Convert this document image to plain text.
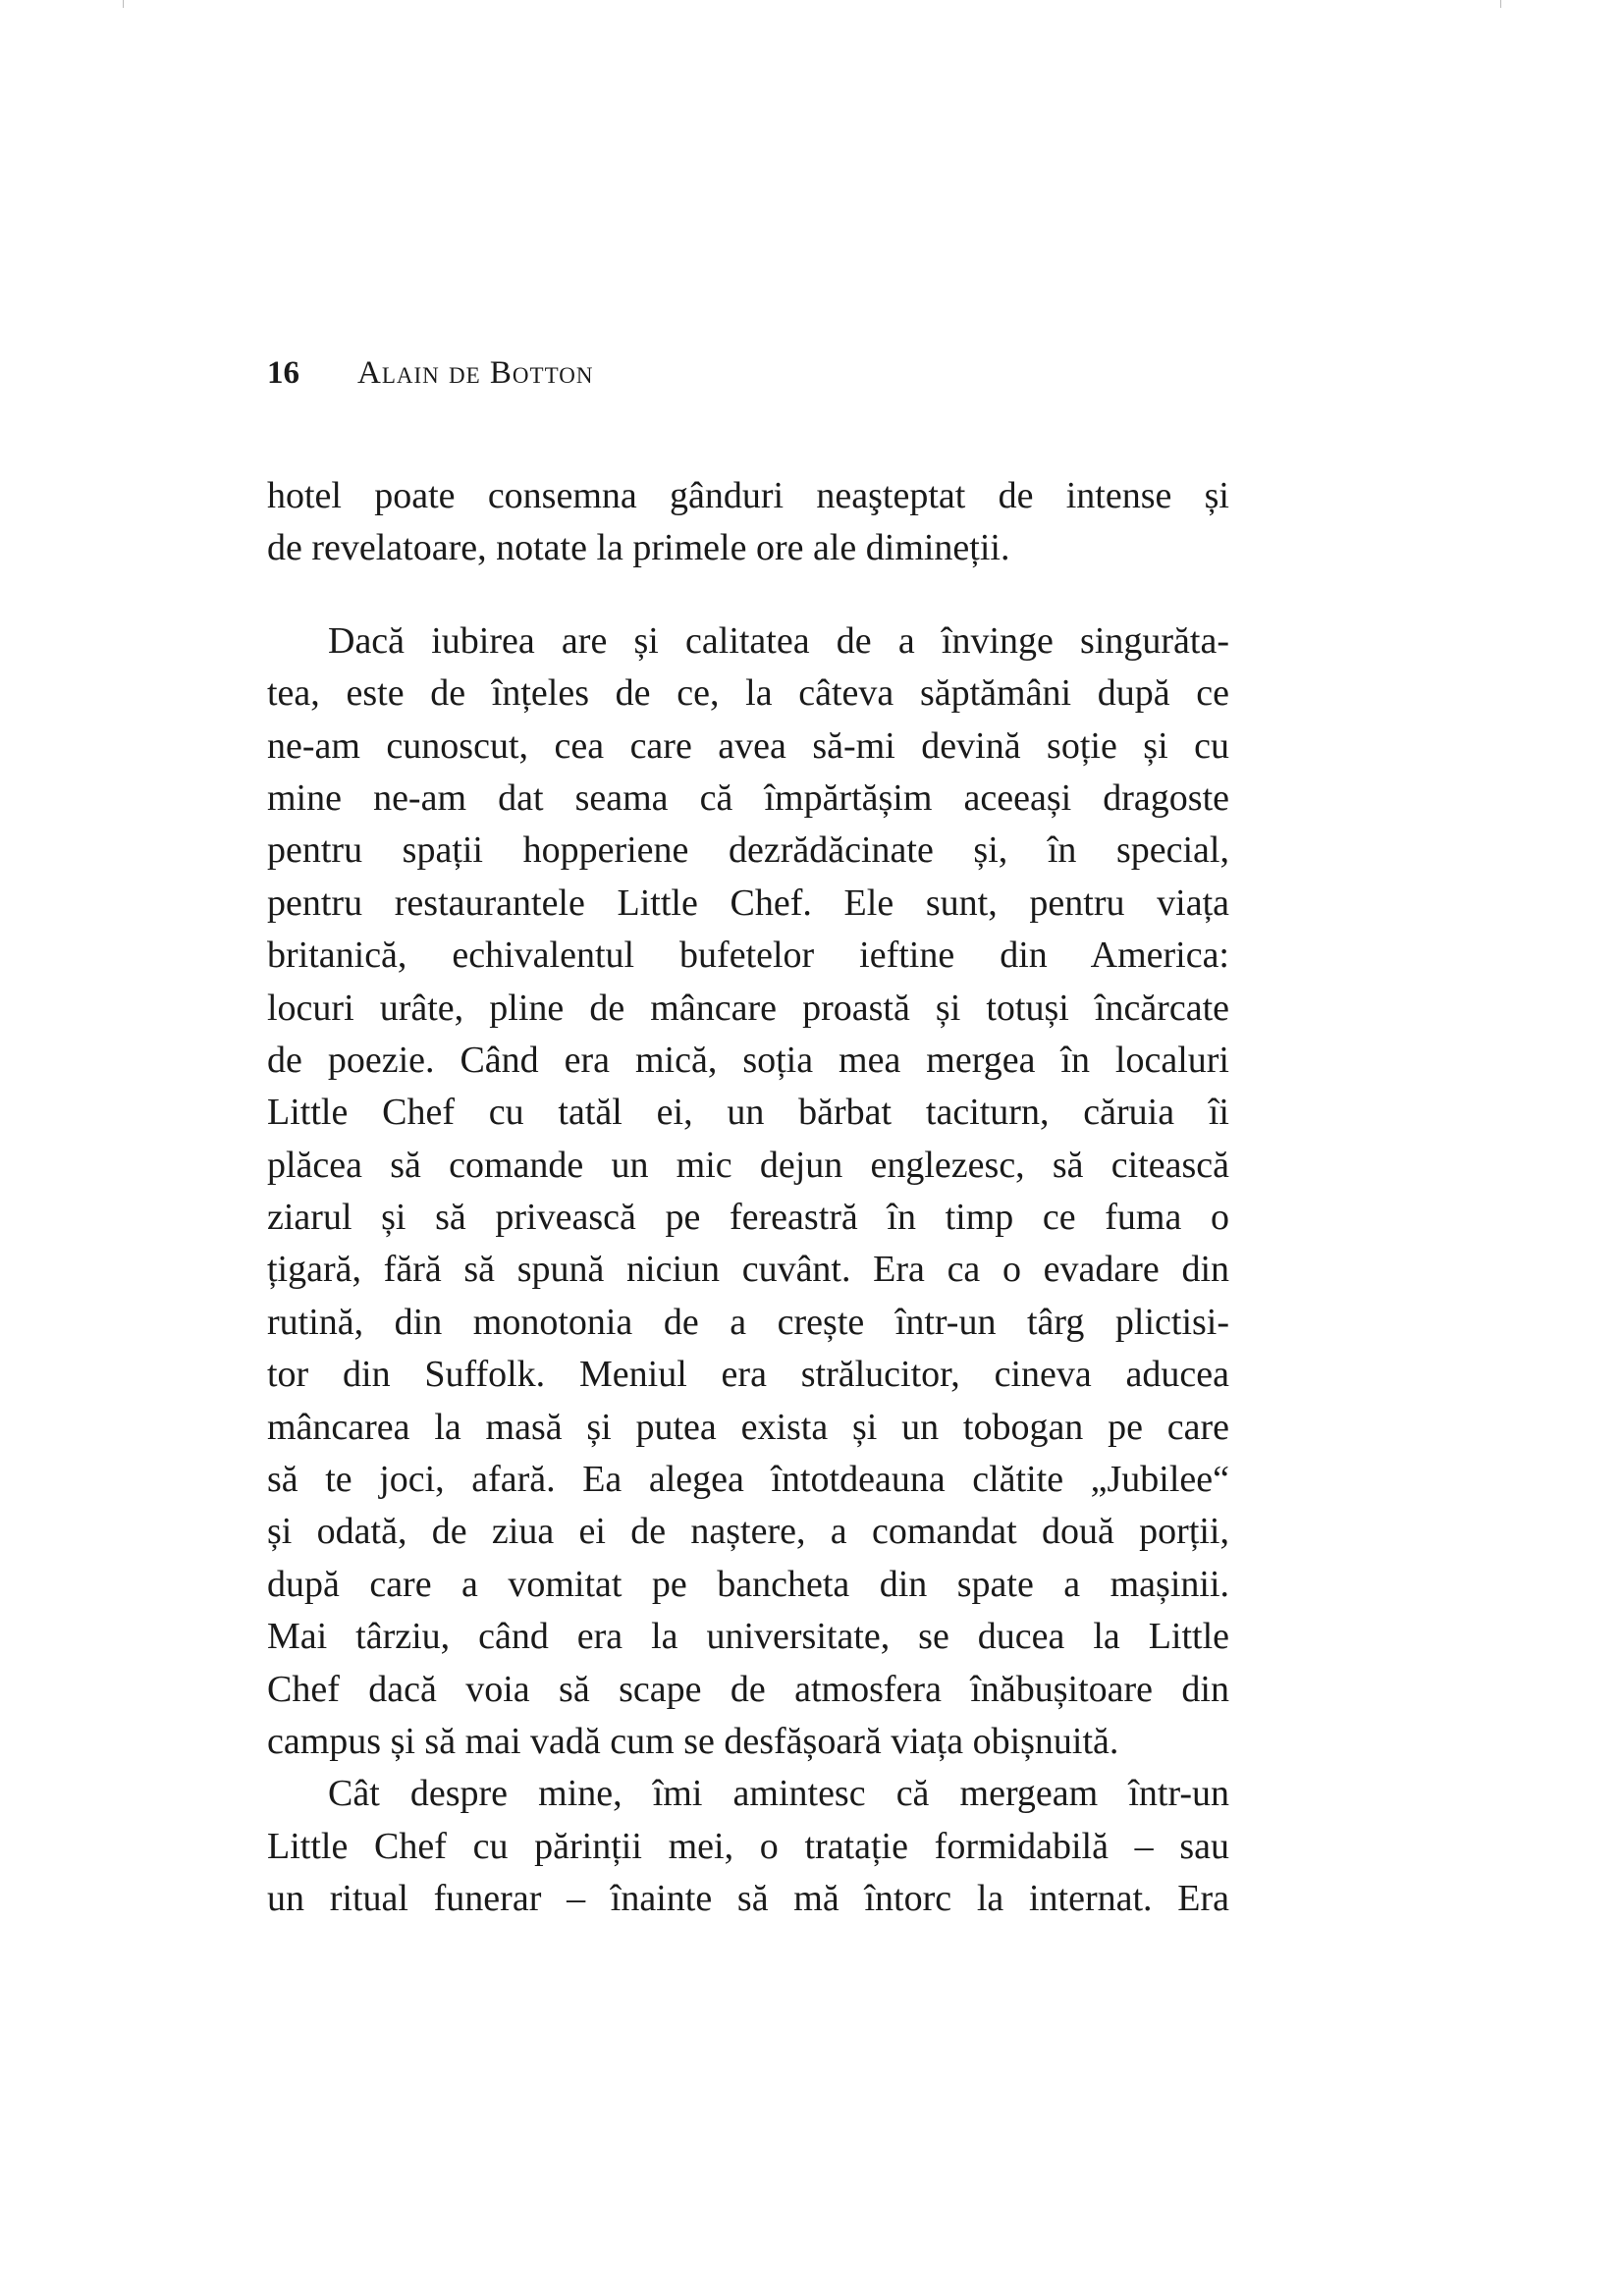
16 Alain de Botton
hotel poate consemna gânduri neaşteptat de intense și
de revelatoare, notate la primele ore ale dimineții.
Dacă iubirea are și calitatea de a învinge singurăta-
tea, este de înțeles de ce, la câteva săptămâni după ce
ne-am cunoscut, cea care avea să-mi devină soție și cu
mine ne-am dat seama că împărtășim aceeași dragoste
pentru spații hopperiene dezrădăcinate și, în special,
pentru restaurantele Little Chef. Ele sunt, pentru viața
britanică, echivalentul bufetelor ieftine din America:
locuri urâte, pline de mâncare proastă și totuși încărcate
de poezie. Când era mică, soția mea mergea în localuri
Little Chef cu tatăl ei, un bărbat taciturn, căruia îi
plăcea să comande un mic dejun englezesc, să citească
ziarul și să privească pe fereastră în timp ce fuma o
țigară, fără să spună niciun cuvânt. Era ca o evadare din
rutină, din monotonia de a crește într-un târg plictisi-
tor din Suffolk. Meniul era strălucitor, cineva aducea
mâncarea la masă și putea exista și un tobogan pe care
să te joci, afară. Ea alegea întotdeauna clătite „Jubilee“
și odată, de ziua ei de naștere, a comandat două porții,
după care a vomitat pe bancheta din spate a mașinii.
Mai târziu, când era la universitate, se ducea la Little
Chef dacă voia să scape de atmosfera înăbușitoare din
campus și să mai vadă cum se desfășoară viața obișnuită.
Cât despre mine, îmi amintesc că mergeam într-un
Little Chef cu părinții mei, o tratație formidabilă – sau
un ritual funerar – înainte să mă întorc la internat. Era
